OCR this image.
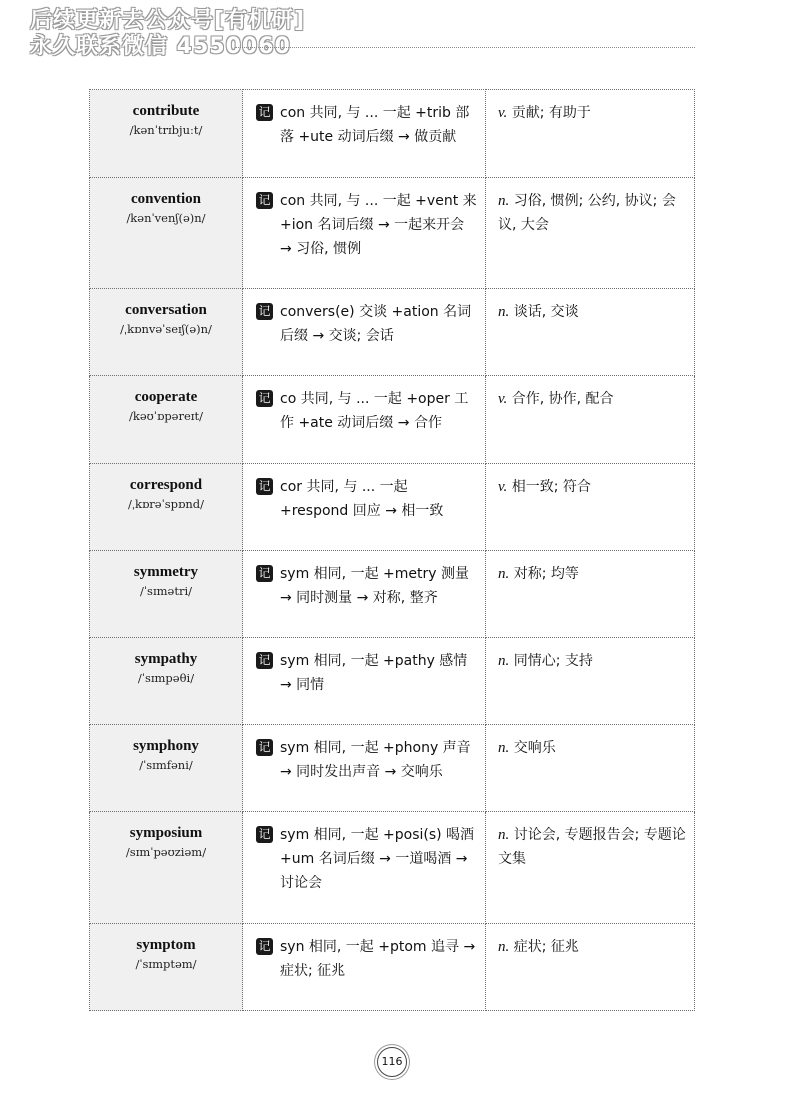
后续更新去公众号[有机研]
永久联系微信 4550060
contribute
/kənˈtrɪbjuːt/	记 con 共同, 与 ... 一起 +trib 部落 +ute 动词后缀 → 做贡献	v. 贡献; 有助于

convention
/kənˈvenʃ(ə)n/	记 con 共同, 与 ... 一起 +vent 来 +ion 名词后缀 → 一起来开会 → 习俗, 惯例	n. 习俗, 惯例; 公约, 协议; 会议, 大会

conversation
/ˌkɒnvəˈseɪʃ(ə)n/	记 convers(e) 交谈 +ation 名词后缀 → 交谈; 会话	n. 谈话, 交谈

cooperate
/kəʊˈɒpəreɪt/	记 co 共同, 与 ... 一起 +oper 工作 +ate 动词后缀 → 合作	v. 合作, 协作, 配合

correspond
/ˌkɒrəˈspɒnd/	记 cor 共同, 与 ... 一起 +respond 回应 → 相一致	v. 相一致; 符合

symmetry
/ˈsɪmətri/	记 sym 相同, 一起 +metry 测量 → 同时测量 → 对称, 整齐	n. 对称; 均等

sympathy
/ˈsɪmpəθi/	记 sym 相同, 一起 +pathy 感情 → 同情	n. 同情心; 支持

symphony
/ˈsɪmfəni/	记 sym 相同, 一起 +phony 声音 → 同时发出声音 → 交响乐	n. 交响乐

symposium
/sɪmˈpəʊziəm/	记 sym 相同, 一起 +posi(s) 喝酒 +um 名词后缀 → 一道喝酒 → 讨论会	n. 讨论会, 专题报告会; 专题论文集

symptom
/ˈsɪmptəm/	记 syn 相同, 一起 +ptom 追寻 → 症状; 征兆	n. 症状; 征兆
116
